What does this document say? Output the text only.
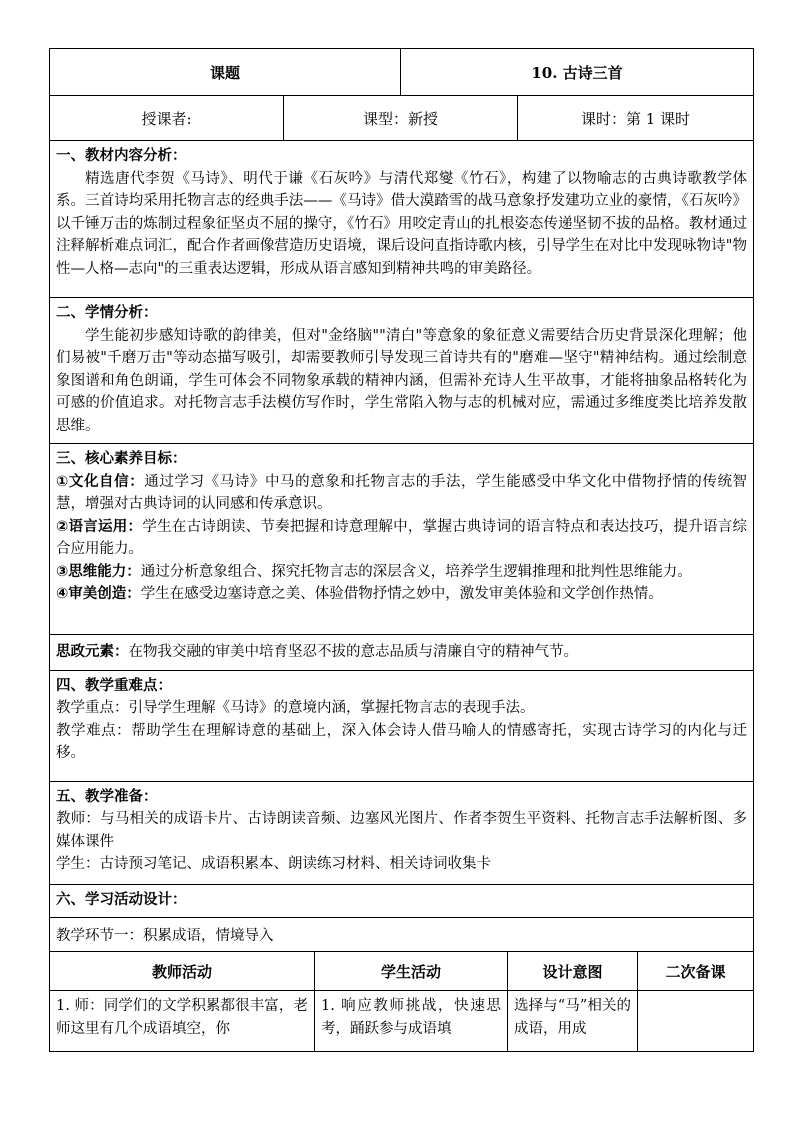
课题		10. 古诗三首	
授课者:	课型：新授		课时：第 1 课时

一、教材内容分析：

精选唐代李贺《马诗》、明代于谦《石灰吟》与清代郑燮《竹石》，构建了以物喻志的古典诗歌教学体系。三首诗均采用托物言志的经典手法——《马诗》借大漠踏雪的战马意象抒发建功立业的豪情，《石灰吟》以千锤万击的炼制过程象征坚贞不屈的操守，《竹石》用咬定青山的扎根姿态传递坚韧不拔的品格。教材通过注释解析难点词汇，配合作者画像营造历史语境，课后设问直指诗歌内核，引导学生在对比中发现咏物诗"物性—人格—志向"的三重表达逻辑，形成从语言感知到精神共鸣的审美路径。			

二、学情分析：

学生能初步感知诗歌的韵律美，但对"金络脑""清白"等意象的象征意义需要结合历史背景深化理解；他们易被"千磨万击"等动态描写吸引，却需要教师引导发现三首诗共有的"磨难—坚守"精神结构。通过绘制意象图谱和角色朗诵，学生可体会不同物象承载的精神内涵，但需补充诗人生平故事，才能将抽象品格转化为可感的价值追求。对托物言志手法模仿写作时，学生常陷入物与志的机械对应，需通过多维度类比培养发散思维。			

三、核心素养目标：
①文化自信：通过学习《马诗》中马的意象和托物言志的手法，学生能感受中华文化中借物抒情的传统智慧，增强对古典诗词的认同感和传承意识。
②语言运用：学生在古诗朗读、节奏把握和诗意理解中，掌握古典诗词的语言特点和表达技巧，提升语言综合应用能力。
③思维能力：通过分析意象组合、探究托物言志的深层含义，培养学生逻辑推理和批判性思维能力。
④审美创造：学生在感受边塞诗意之美、体验借物抒情之妙中，激发审美体验和文学创作热情。			

思政元素：在物我交融的审美中培育坚忍不拔的意志品质与清廉自守的精神气节。			

四、教学重难点：
教学重点：引导学生理解《马诗》的意境内涵，掌握托物言志的表现手法。
教学难点：帮助学生在理解诗意的基础上，深入体会诗人借马喻人的情感寄托，实现古诗学习的内化与迁移。			

五、教学准备：
教师：与马相关的成语卡片、古诗朗读音频、边塞风光图片、作者李贺生平资料、托物言志手法解析图、多媒体课件
学生：古诗预习笔记、成语积累本、朗读练习材料、相关诗词收集卡			

六、学习活动设计：			

教学环节一：积累成语，情境导入			
教师活动	学生活动	设计意图	二次备课
1. 师：同学们的文学积累都很丰富，老师这里有几个成语填空，你	1. 响应教师挑战，快速思考，踊跃参与成语填	选择与“马”相关的成语，用成	
